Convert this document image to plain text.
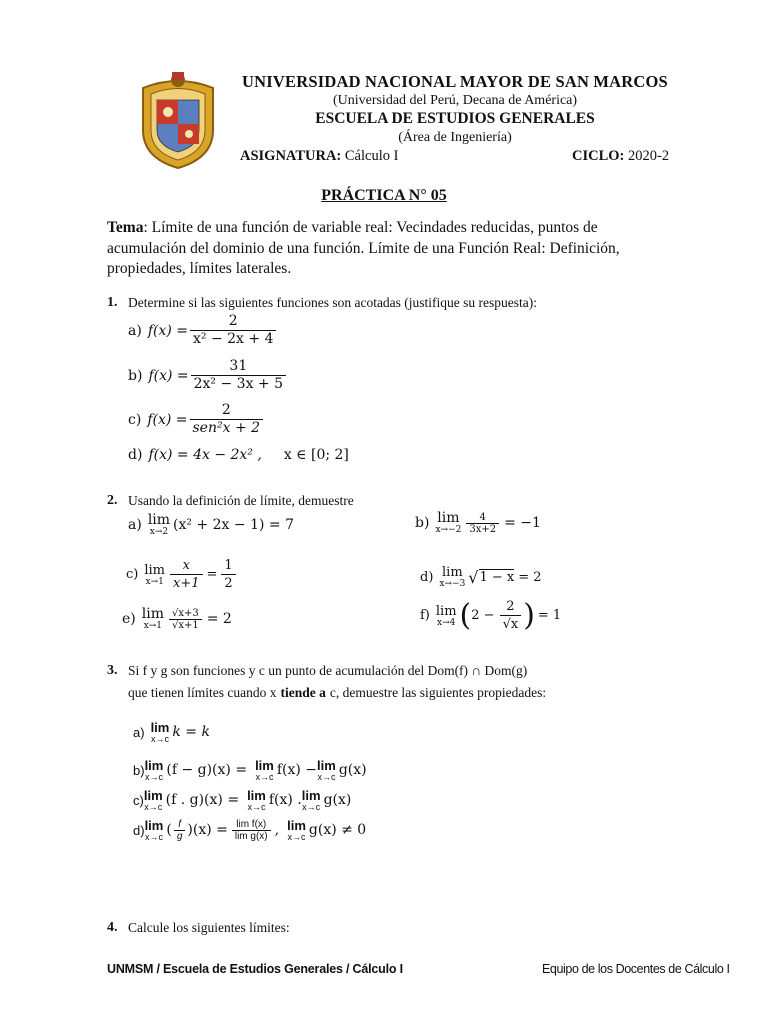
UNIVERSIDAD NACIONAL MAYOR DE SAN MARCOS
(Universidad del Perú, Decana de América)
ESCUELA DE ESTUDIOS GENERALES
(Área de Ingeniería)
ASIGNATURA: Cálculo I	CICLO: 2020-2
PRÁCTICA N° 05
Tema: Límite de una función de variable real: Vecindades reducidas, puntos de acumulación del dominio de una función. Límite de una Función Real: Definición, propiedades, límites laterales.
1. Determine si las siguientes funciones son acotadas (justifique su respuesta):
a) $f(x) = \frac{2}{\text{x² − 2x + 4}}$
b) $f(x) = \frac{31}{\text{2x² − 3x + 5}}$
c) $f(x) = \frac{2}{\text{sen²x + 2}}$
d) f(x) = 4x − 2x² , x ∈ [0; 2]
2. Usando la definición de límite, demuestre
a) lim
x→2 (x² + 2x − 1) = 7	b) lim
$x\to-2 \frac{4}{3x+2} = -1$
c) lim
$x\to 1 \frac{x}{x+1} = \frac{1}{2}$	d) lim
x→−3 √ 1 − x = 2
e) lim
$x\to 1 \frac{√x+3}{√x+1} = 2$	f) lim
x→4 ( $2 - \frac{2}{√x}$ ) = 1
3. Si f y g son funciones y c un punto de acumulación del Dom(f) ∩ Dom(g)
que tienen límites cuando x tiende a c, demuestre las siguientes propiedades:
a) lim
x→c k = k
b) lim
x→c (f − g)(x) = lim
x→c f(x) − lim
x→c g(x)
c) lim
x→c (f . g)(x) = lim
x→c f(x) . lim
x→c g(x)
d) lim
x→c ( $\frac{f}{g}$ ) $(x) = \frac{\text{lim f(x)}}{\text{lim g(x)}}$ , lim
x→c g(x) ≠ 0
4. Calcule los siguientes límites:
UNMSM / Escuela de Estudios Generales / Cálculo I	Equipo de los Docentes de Cálculo I
